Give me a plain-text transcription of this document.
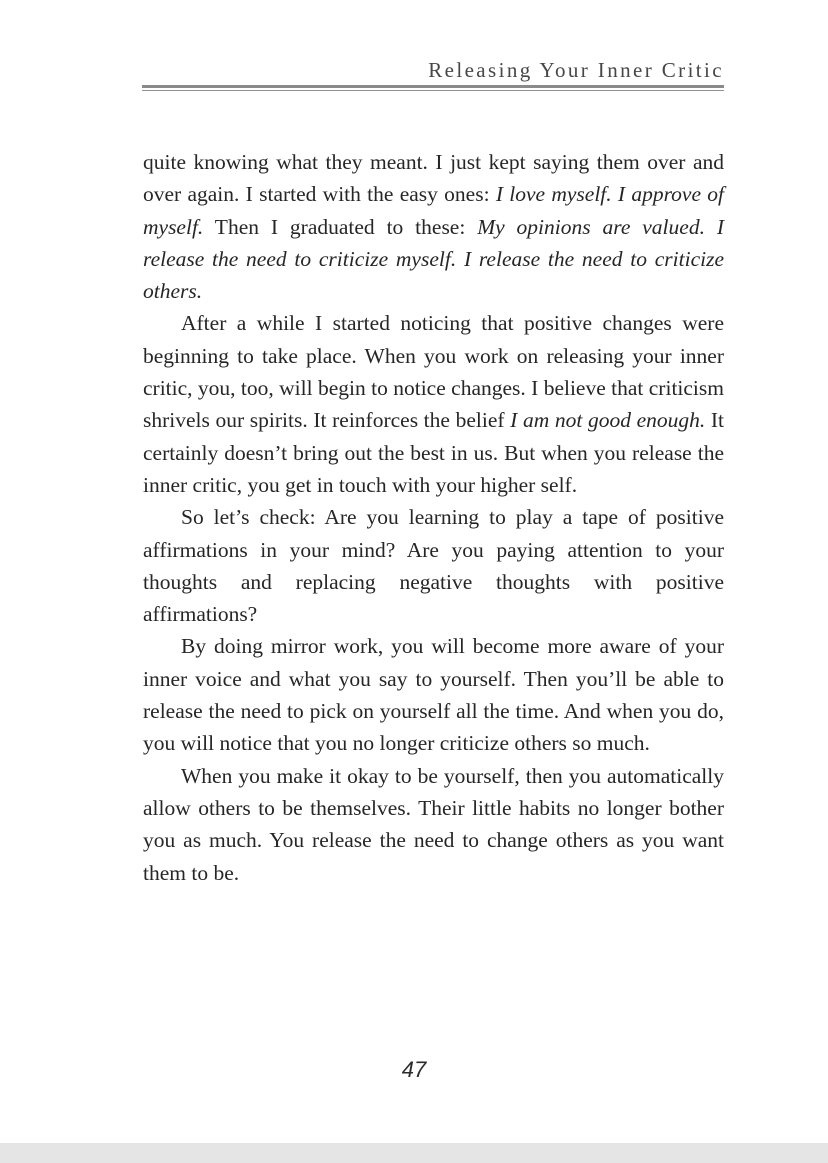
Releasing Your Inner Critic

quite knowing what they meant. I just kept saying them over and over again. I started with the easy ones: I love myself. I approve of myself. Then I graduated to these: My opinions are valued. I release the need to criticize myself. I release the need to criticize others.

After a while I started noticing that positive changes were beginning to take place. When you work on releasing your inner critic, you, too, will begin to notice changes. I believe that criticism shrivels our spirits. It reinforces the belief I am not good enough. It certainly doesn’t bring out the best in us. But when you release the inner critic, you get in touch with your higher self.

So let’s check: Are you learning to play a tape of positive affirmations in your mind? Are you paying attention to your thoughts and replacing negative thoughts with positive affirmations?

By doing mirror work, you will become more aware of your inner voice and what you say to yourself. Then you’ll be able to release the need to pick on yourself all the time. And when you do, you will notice that you no longer criticize others so much.

When you make it okay to be yourself, then you automatically allow others to be themselves. Their little habits no longer bother you as much. You release the need to change others as you want them to be.

47
